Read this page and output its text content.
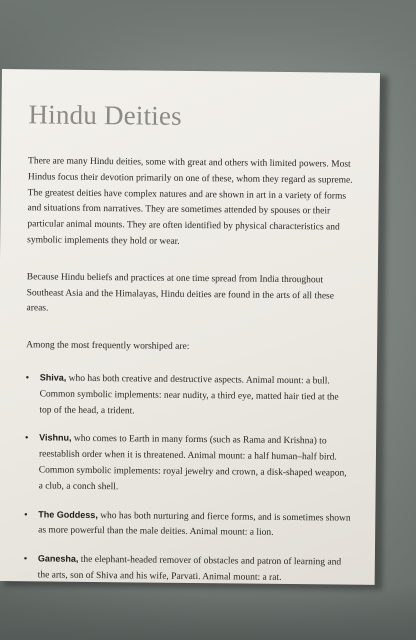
Hindu Deities

There are many Hindu deities, some with great and others with limited powers. Most Hindus focus their devotion primarily on one of these, whom they regard as supreme. The greatest deities have complex natures and are shown in art in a variety of forms and situations from narratives. They are sometimes attended by spouses or their particular animal mounts. They are often identified by physical characteristics and symbolic implements they hold or wear.

Because Hindu beliefs and practices at one time spread from India throughout Southeast Asia and the Himalayas, Hindu deities are found in the arts of all these areas.

Among the most frequently worshiped are:

• Shiva, who has both creative and destructive aspects. Animal mount: a bull. Common symbolic implements: near nudity, a third eye, matted hair tied at the top of the head, a trident.
• Vishnu, who comes to Earth in many forms (such as Rama and Krishna) to reestablish order when it is threatened. Animal mount: a half human–half bird. Common symbolic implements: royal jewelry and crown, a disk-shaped weapon, a club, a conch shell.
• The Goddess, who has both nurturing and fierce forms, and is sometimes shown as more powerful than the male deities. Animal mount: a lion.
• Ganesha, the elephant-headed remover of obstacles and patron of learning and the arts, son of Shiva and his wife, Parvati. Animal mount: a rat.
